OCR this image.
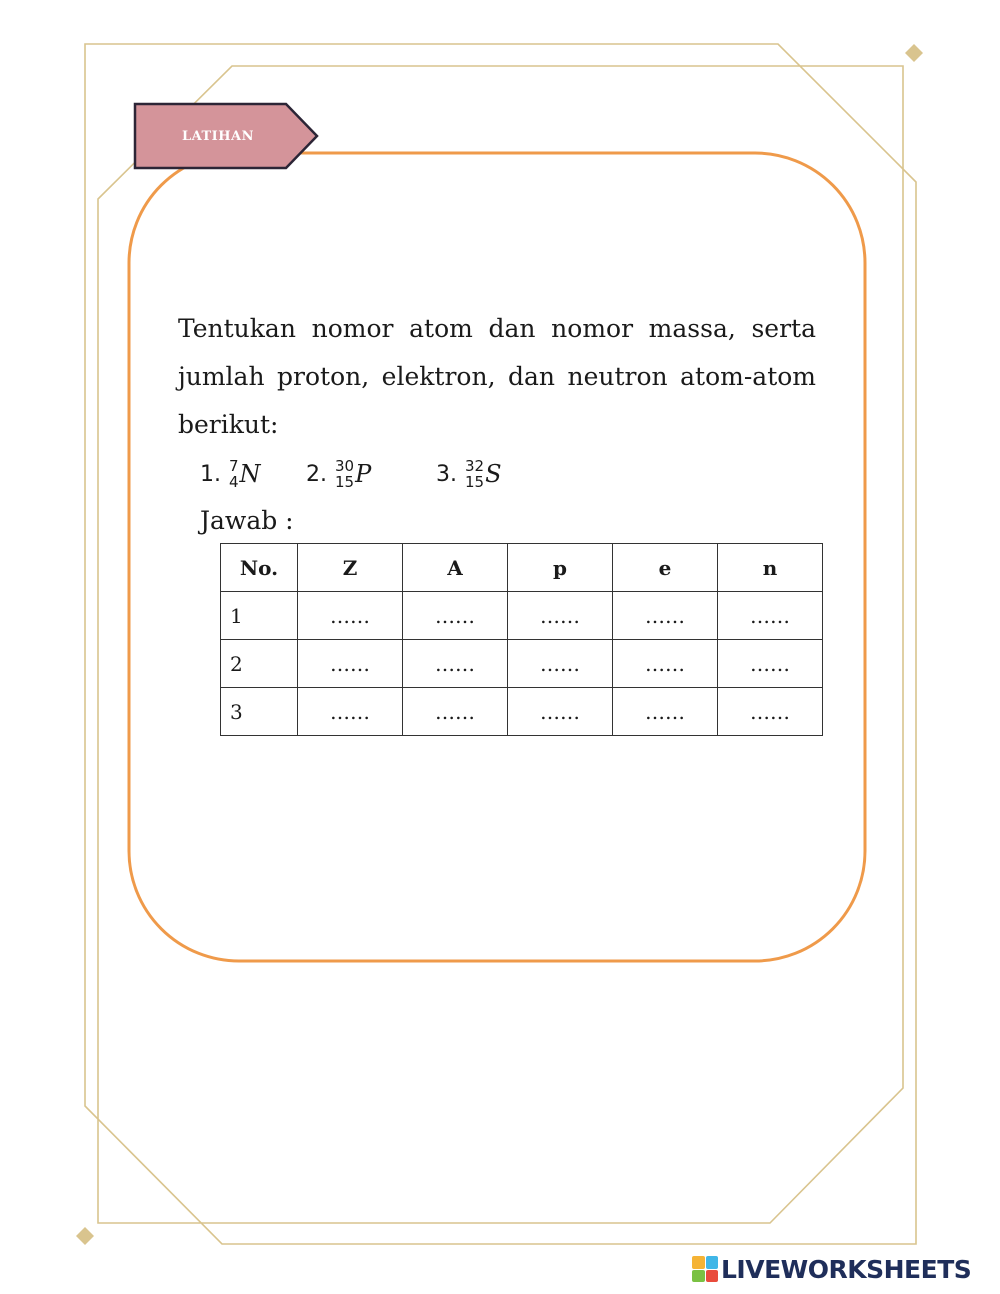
LATIHAN

Tentukan nomor atom dan nomor massa, serta jumlah proton, elektron, dan neutron atom-atom berikut:

1. 7
4 N 2. 30
15 P	3. 32
15 S
Jawab :
No.	Z	A	p	e	n
1	……	……	……	……	……
2	……	……	……	……	……
3	……	……	……	……	……
LIVEWORKSHEETS
